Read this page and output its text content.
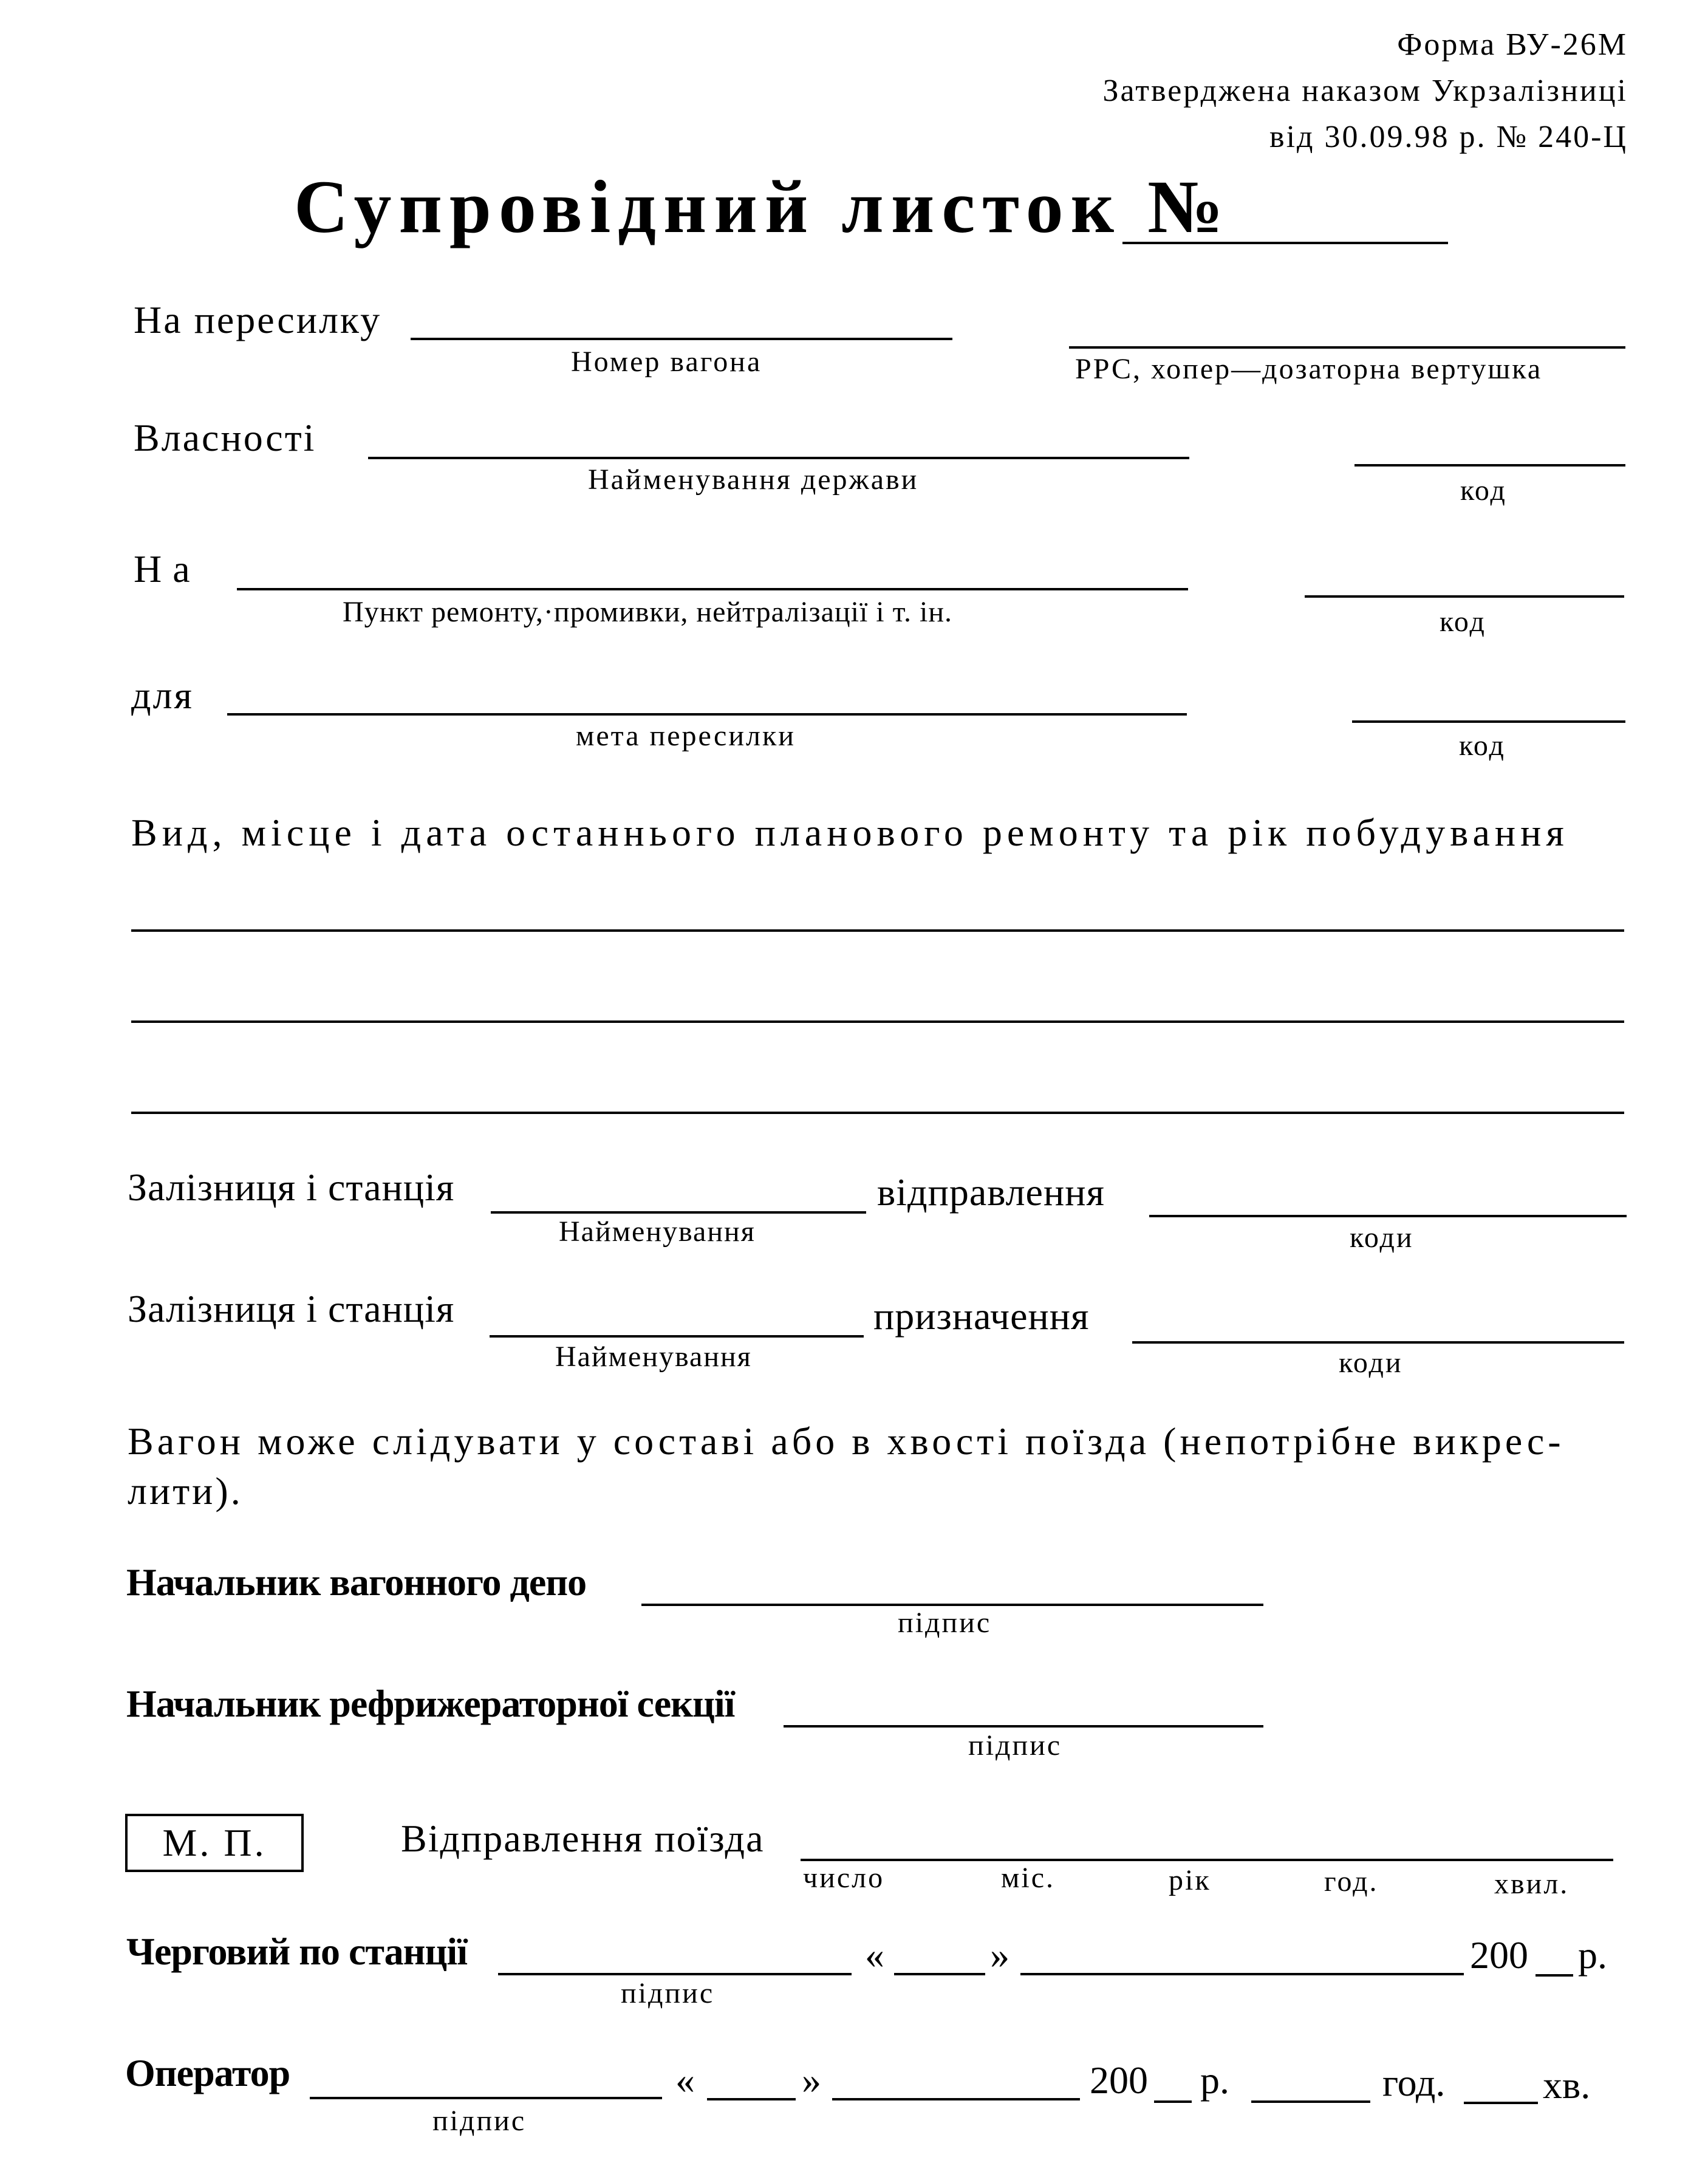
Форма ВУ-26М
Затверджена наказом Укрзалізниці
від 30.09.98 р. № 240-Ц
Супровідний листок №
На пересилку
Номер вагона	РРС, хопер—дозаторна вертушка
Власності
Найменування держави	код
На
Пункт ремонту,·промивки, нейтралізації і т. ін.	код
для
мета пересилки	код
Вид, місце і дата останнього планового ремонту та рік побудування
Залізниця і станція
Найменування
відправлення
коди
Залізниця і станція
Найменування
призначення
коди
Вагон може слідувати у составі або в хвості поїзда (непотрібне викрес-
лити).
Начальник вагонного депо
підпис
Начальник рефрижераторної секції
підпис
М. П.	Відправлення поїзда
число	міс.	рік	год.	хвил.
Черговий по станції
підпис
«	»	200 р.
Оператор
підпис
«	»	200 р.	год.	хв.
